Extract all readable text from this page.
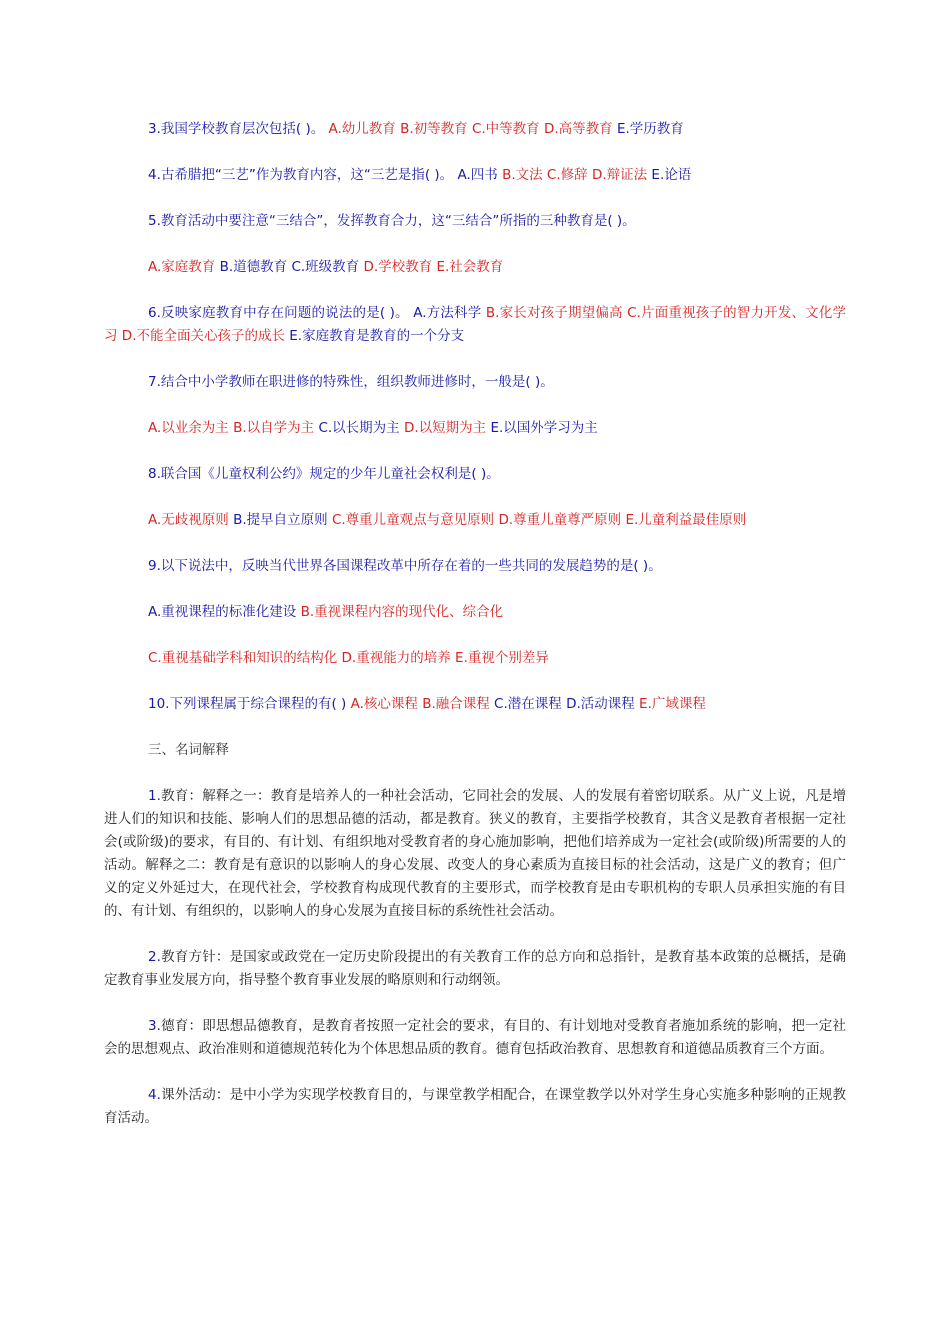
3.我国学校教育层次包括( )。 A.幼儿教育 B.初等教育 C.中等教育 D.高等教育 E.学历教育

4.古希腊把“三艺”作为教育内容，这“三艺是指( )。 A.四书 B.文法 C.修辞 D.辩证法 E.论语

5.教育活动中要注意“三结合”，发挥教育合力，这“三结合”所指的三种教育是( )。

A.家庭教育 B.道德教育 C.班级教育 D.学校教育 E.社会教育

6.反映家庭教育中存在问题的说法的是( )。 A.方法科学 B.家长对孩子期望偏高 C.片面重视孩子的智力开发、文化学习 D.不能全面关心孩子的成长 E.家庭教育是教育的一个分支

7.结合中小学教师在职进修的特殊性，组织教师进修时，一般是( )。

A.以业余为主 B.以自学为主 C.以长期为主 D.以短期为主 E.以国外学习为主

8.联合国《儿童权利公约》规定的少年儿童社会权利是( )。

A.无歧视原则 B.提早自立原则 C.尊重儿童观点与意见原则 D.尊重儿童尊严原则 E.儿童利益最佳原则

9.以下说法中，反映当代世界各国课程改革中所存在着的一些共同的发展趋势的是( )。

A.重视课程的标准化建设 B.重视课程内容的现代化、综合化

C.重视基础学科和知识的结构化 D.重视能力的培养 E.重视个别差异

10.下列课程属于综合课程的有( ) A.核心课程 B.融合课程 C.潜在课程 D.活动课程 E.广域课程

三、名词解释

1.教育：解释之一：教育是培养人的一种社会活动，它同社会的发展、人的发展有着密切联系。从广义上说，凡是增进人们的知识和技能、影响人们的思想品德的活动，都是教育。狭义的教育，主要指学校教育，其含义是教育者根据一定社会(或阶级)的要求，有目的、有计划、有组织地对受教育者的身心施加影响，把他们培养成为一定社会(或阶级)所需要的人的活动。解释之二：教育是有意识的以影响人的身心发展、改变人的身心素质为直接目标的社会活动，这是广义的教育；但广义的定义外延过大，在现代社会，学校教育构成现代教育的主要形式，而学校教育是由专职机构的专职人员承担实施的有目的、有计划、有组织的，以影响人的身心发展为直接目标的系统性社会活动。

2.教育方针：是国家或政党在一定历史阶段提出的有关教育工作的总方向和总指针，是教育基本政策的总概括，是确定教育事业发展方向，指导整个教育事业发展的略原则和行动纲领。

3.德育：即思想品德教育，是教育者按照一定社会的要求，有目的、有计划地对受教育者施加系统的影响，把一定社会的思想观点、政治准则和道德规范转化为个体思想品质的教育。德育包括政治教育、思想教育和道德品质教育三个方面。

4.课外活动：是中小学为实现学校教育目的，与课堂教学相配合，在课堂教学以外对学生身心实施多种影响的正规教育活动。
